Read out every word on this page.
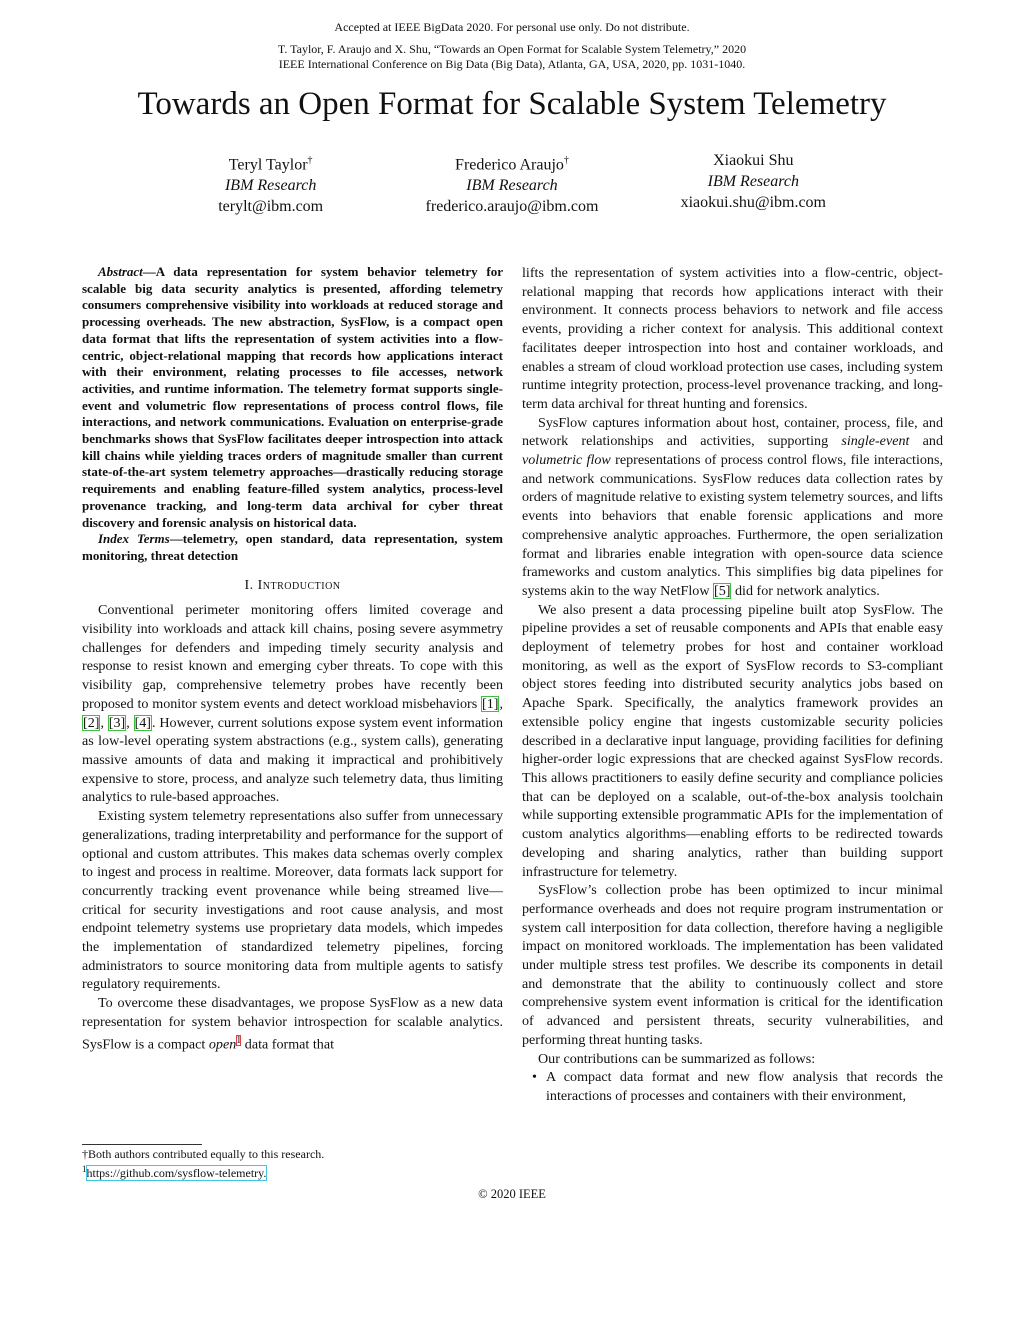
Accepted at IEEE BigData 2020. For personal use only. Do not distribute.
T. Taylor, F. Araujo and X. Shu, “Towards an Open Format for Scalable System Telemetry,” 2020
IEEE International Conference on Big Data (Big Data), Atlanta, GA, USA, 2020, pp. 1031-1040.
Towards an Open Format for Scalable System Telemetry
Teryl Taylor†
IBM Research
terylt@ibm.com
Frederico Araujo†
IBM Research
frederico.araujo@ibm.com
Xiaokui Shu
IBM Research
xiaokui.shu@ibm.com

Abstract—A data representation for system behavior telemetry for scalable big data security analytics is presented, affording telemetry consumers comprehensive visibility into workloads at reduced storage and processing overheads. The new abstraction, SysFlow, is a compact open data format that lifts the representation of system activities into a flow-centric, object-relational mapping that records how applications interact with their environment, relating processes to file accesses, network activities, and runtime information. The telemetry format supports single-event and volumetric flow representations of process control flows, file interactions, and network communications. Evaluation on enterprise-grade benchmarks shows that SysFlow facilitates deeper introspection into attack kill chains while yielding traces orders of magnitude smaller than current state-of-the-art system telemetry approaches—drastically reducing storage requirements and enabling feature-filled system analytics, process-level provenance tracking, and long-term data archival for cyber threat discovery and forensic analysis on historical data.

Index Terms—telemetry, open standard, data representation, system monitoring, threat detection

I. Introduction

Conventional perimeter monitoring offers limited coverage and visibility into workloads and attack kill chains, posing severe asymmetry challenges for defenders and impeding timely security analysis and response to resist known and emerging cyber threats. To cope with this visibility gap, comprehensive telemetry probes have recently been proposed to monitor system events and detect workload misbehaviors [1], [2], [3], [4]. However, current solutions expose system event information as low-level operating system abstractions (e.g., system calls), generating massive amounts of data and making it impractical and prohibitively expensive to store, process, and analyze such telemetry data, thus limiting analytics to rule-based approaches.

Existing system telemetry representations also suffer from unnecessary generalizations, trading interpretability and performance for the support of optional and custom attributes. This makes data schemas overly complex to ingest and process in realtime. Moreover, data formats lack support for concurrently tracking event provenance while being streamed live—critical for security investigations and root cause analysis, and most endpoint telemetry systems use proprietary data models, which impedes the implementation of standardized telemetry pipelines, forcing administrators to source monitoring data from multiple agents to satisfy regulatory requirements.

To overcome these disadvantages, we propose SysFlow as a new data representation for system behavior introspection for scalable analytics. SysFlow is a compact open$^1$ data format that

†Both authors contributed equally to this research.
$^1$https://github.com/sysflow-telemetry.

lifts the representation of system activities into a flow-centric, object-relational mapping that records how applications interact with their environment. It connects process behaviors to network and file access events, providing a richer context for analysis. This additional context facilitates deeper introspection into host and container workloads, and enables a stream of cloud workload protection use cases, including system runtime integrity protection, process-level provenance tracking, and long-term data archival for threat hunting and forensics.

SysFlow captures information about host, container, process, file, and network relationships and activities, supporting single-event and volumetric flow representations of process control flows, file interactions, and network communications. SysFlow reduces data collection rates by orders of magnitude relative to existing system telemetry sources, and lifts events into behaviors that enable forensic applications and more comprehensive analytic approaches. Furthermore, the open serialization format and libraries enable integration with open-source data science frameworks and custom analytics. This simplifies big data pipelines for systems akin to the way NetFlow [5] did for network analytics.

We also present a data processing pipeline built atop SysFlow. The pipeline provides a set of reusable components and APIs that enable easy deployment of telemetry probes for host and container workload monitoring, as well as the export of SysFlow records to S3-compliant object stores feeding into distributed security analytics jobs based on Apache Spark. Specifically, the analytics framework provides an extensible policy engine that ingests customizable security policies described in a declarative input language, providing facilities for defining higher-order logic expressions that are checked against SysFlow records. This allows practitioners to easily define security and compliance policies that can be deployed on a scalable, out-of-the-box analysis toolchain while supporting extensible programmatic APIs for the implementation of custom analytics algorithms—enabling efforts to be redirected towards developing and sharing analytics, rather than building support infrastructure for telemetry.

SysFlow’s collection probe has been optimized to incur minimal performance overheads and does not require program instrumentation or system call interposition for data collection, therefore having a negligible impact on monitored workloads. The implementation has been validated under multiple stress test profiles. We describe its components in detail and demonstrate that the ability to continuously collect and store comprehensive system event information is critical for the identification of advanced and persistent threats, security vulnerabilities, and performing threat hunting tasks.

Our contributions can be summarized as follows:

• A compact data format and new flow analysis that records the interactions of processes and containers with their environment,
© 2020 IEEE
